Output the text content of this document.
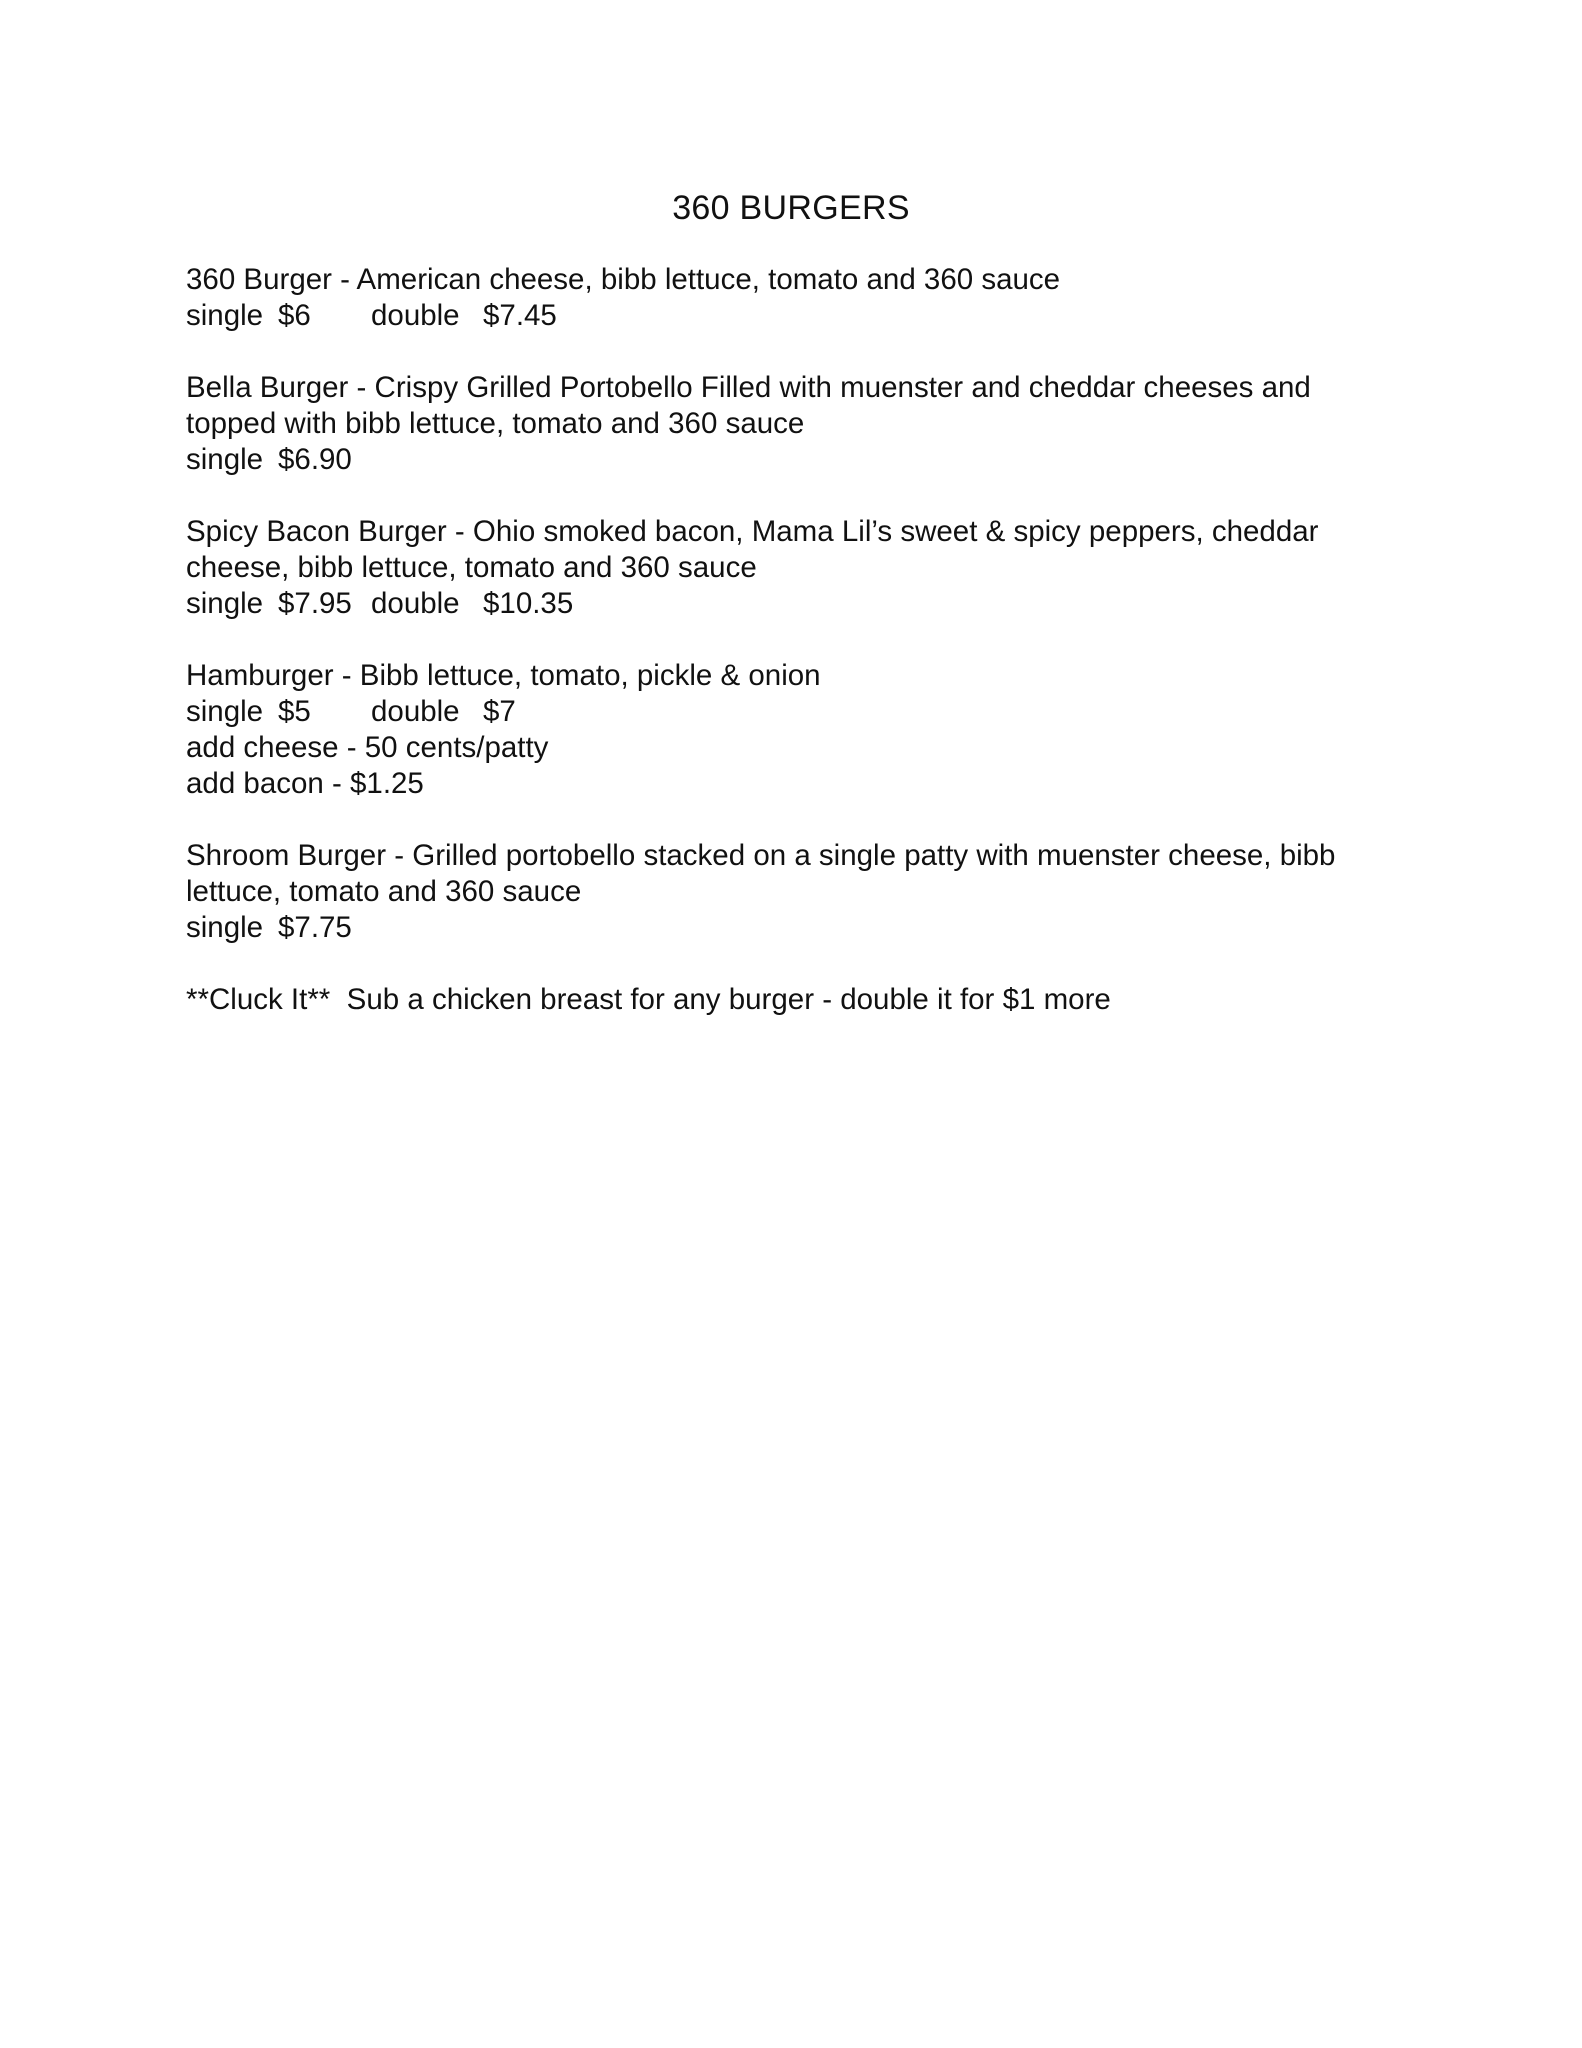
360 BURGERS
360 Burger - American cheese, bibb lettuce, tomato and 360 sauce
single $6 double $7.45
Bella Burger - Crispy Grilled Portobello Filled with muenster and cheddar cheeses and
topped with bibb lettuce, tomato and 360 sauce
single $6.90
Spicy Bacon Burger - Ohio smoked bacon, Mama Lil’s sweet & spicy peppers, cheddar
cheese, bibb lettuce, tomato and 360 sauce
single $7.95 double $10.35
Hamburger - Bibb lettuce, tomato, pickle & onion
single $5 double $7
add cheese - 50 cents/patty
add bacon - $1.25
Shroom Burger - Grilled portobello stacked on a single patty with muenster cheese, bibb
lettuce, tomato and 360 sauce
single $7.75
**Cluck It**  Sub a chicken breast for any burger - double it for $1 more
